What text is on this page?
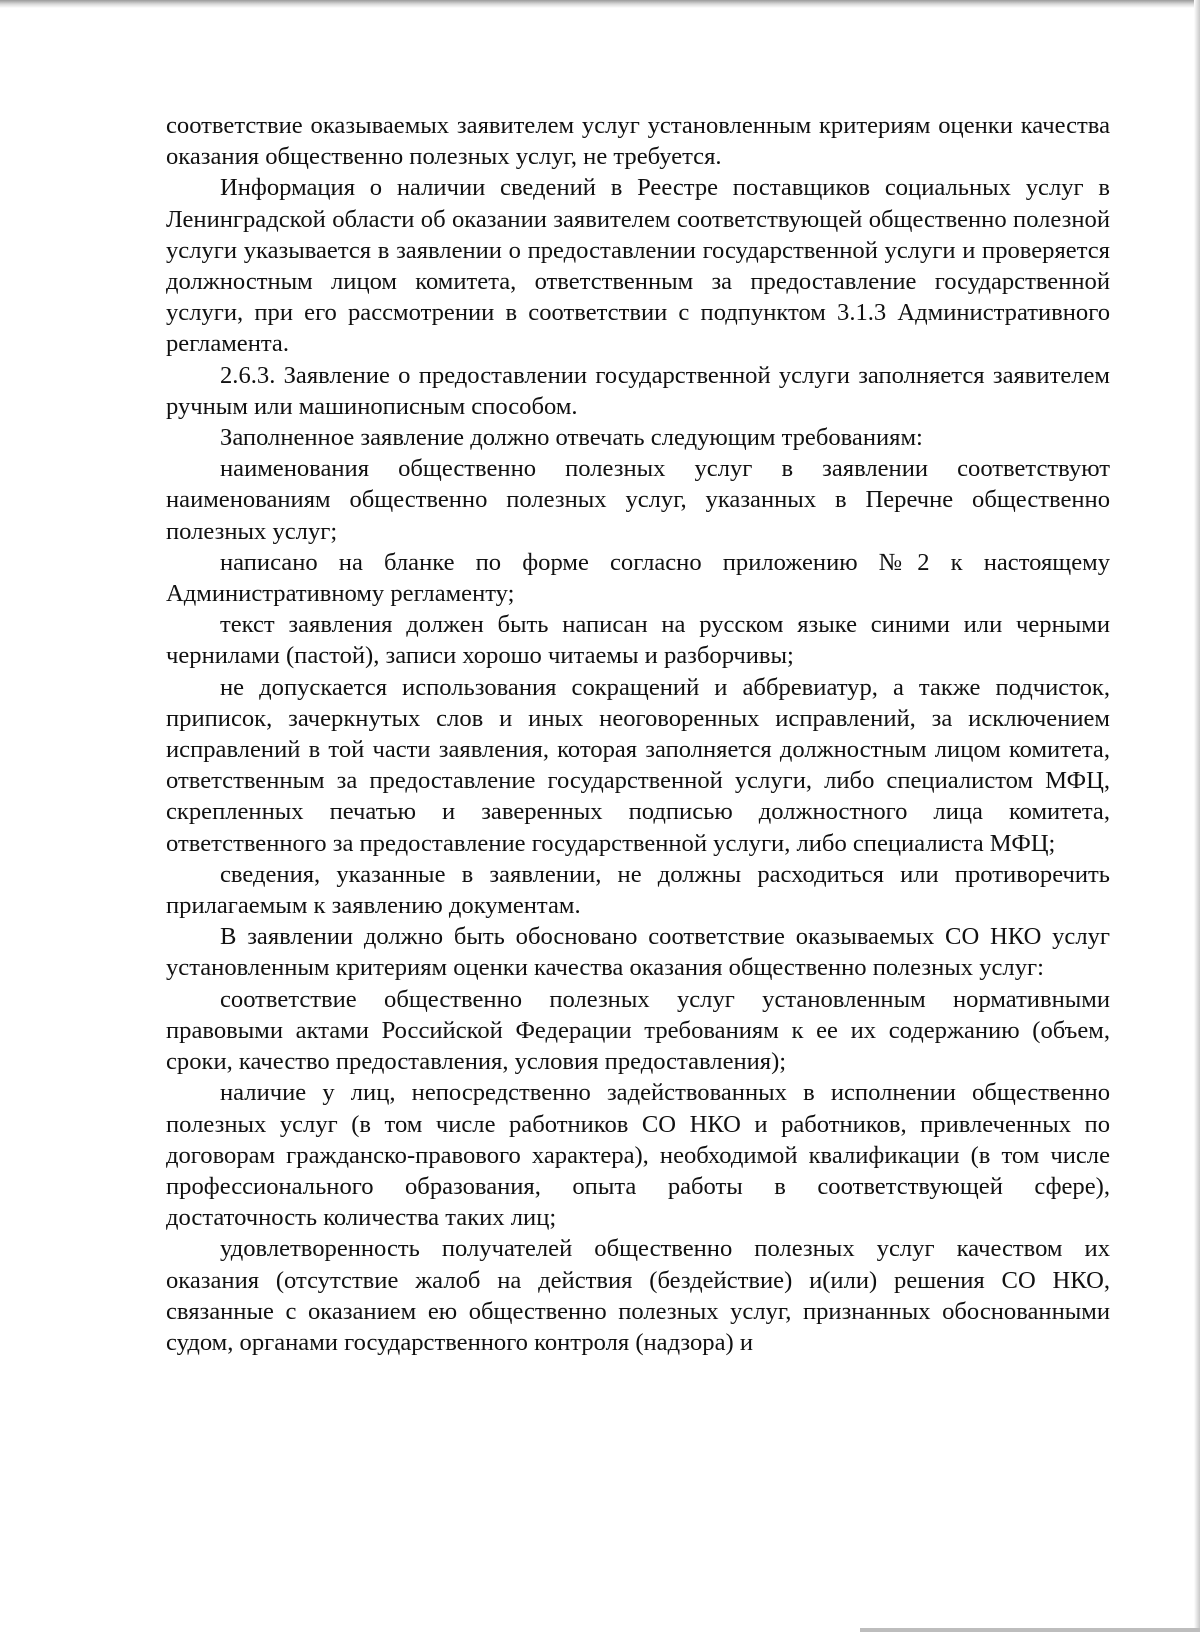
соответствие оказываемых заявителем услуг установленным критериям оценки качества оказания общественно полезных услуг, не требуется.

Информация о наличии сведений в Реестре поставщиков социальных услуг в Ленинградской области об оказании заявителем соответствующей общественно полезной услуги указывается в заявлении о предоставлении государственной услуги и проверяется должностным лицом комитета, ответственным за предоставление государственной услуги, при его рассмотрении в соответствии с подпунктом 3.1.3 Административного регламента.

2.6.3. Заявление о предоставлении государственной услуги заполняется заявителем ручным или машинописным способом.

Заполненное заявление должно отвечать следующим требованиям:

наименования общественно полезных услуг в заявлении соответствуют наименованиям общественно полезных услуг, указанных в Перечне общественно полезных услуг;

написано на бланке по форме согласно приложению №2 к настоящему Административному регламенту;

текст заявления должен быть написан на русском языке синими или черными чернилами (пастой), записи хорошо читаемы и разборчивы;

не допускается использования сокращений и аббревиатур, а также подчисток, приписок, зачеркнутых слов и иных неоговоренных исправлений, за исключением исправлений в той части заявления, которая заполняется должностным лицом комитета, ответственным за предоставление государственной услуги, либо специалистом МФЦ, скрепленных печатью и заверенных подписью должностного лица комитета, ответственного за предоставление государственной услуги, либо специалиста МФЦ;

сведения, указанные в заявлении, не должны расходиться или противоречить прилагаемым к заявлению документам.

В заявлении должно быть обосновано соответствие оказываемых СО НКО услуг установленным критериям оценки качества оказания общественно полезных услуг:

соответствие общественно полезных услуг установленным нормативными правовыми актами Российской Федерации требованиям к ее их содержанию (объем, сроки, качество предоставления, условия предоставления);

наличие у лиц, непосредственно задействованных в исполнении общественно полезных услуг (в том числе работников СО НКО и работников, привлеченных по договорам гражданско-правового характера), необходимой квалификации (в том числе профессионального образования, опыта работы в соответствующей сфере), достаточность количества таких лиц;

удовлетворенность получателей общественно полезных услуг качеством их оказания (отсутствие жалоб на действия (бездействие) и(или) решения СО НКО, связанные с оказанием ею общественно полезных услуг, признанных обоснованными судом, органами государственного контроля (надзора) и
